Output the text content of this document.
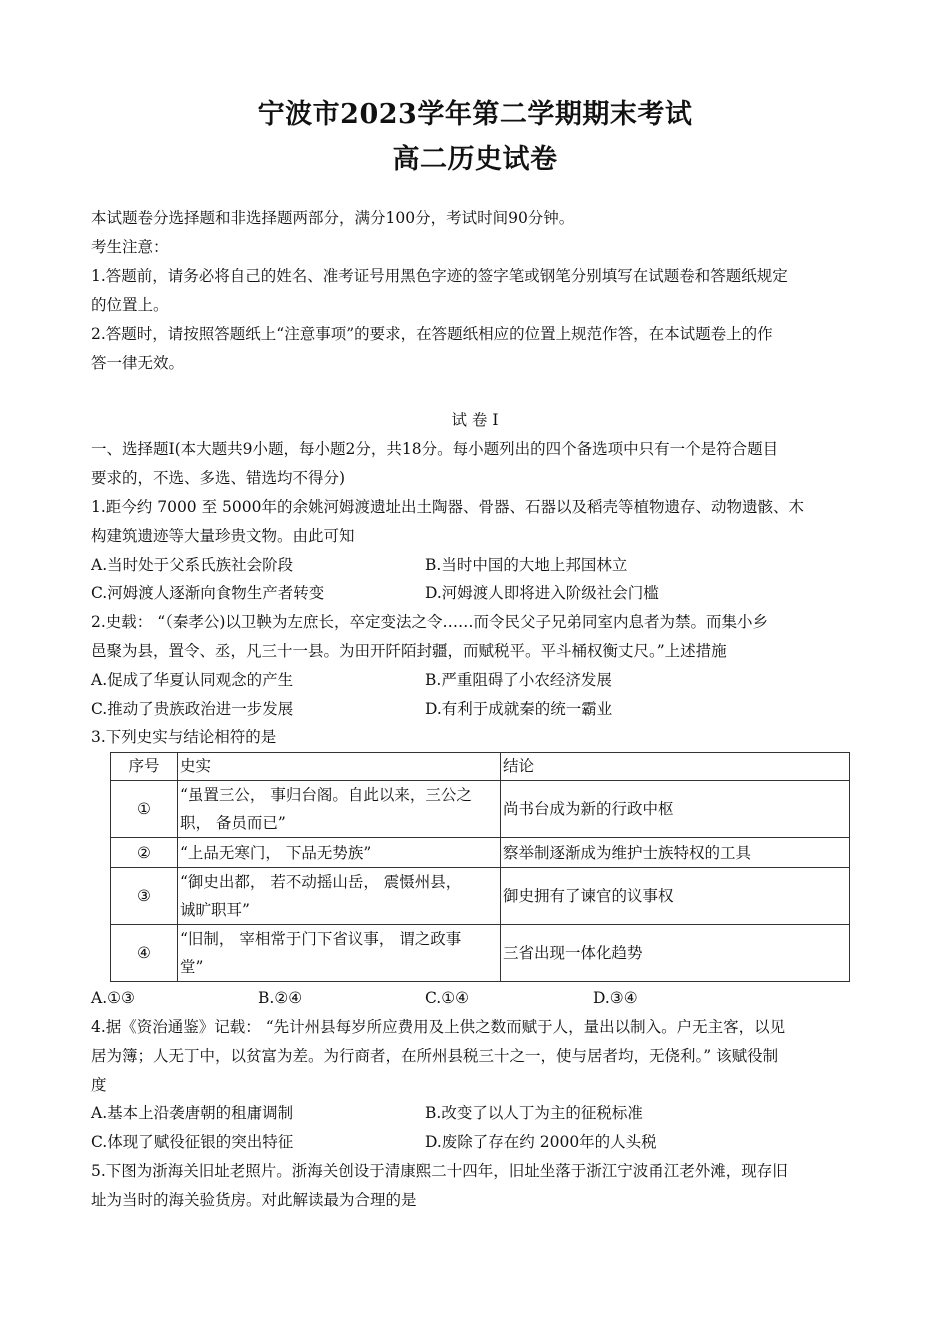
宁波市2023学年第二学期期末考试
高二历史试卷
本试题卷分选择题和非选择题两部分，满分100分，考试时间90分钟。
考生注意：
1.答题前，请务必将自己的姓名、准考证号用黑色字迹的签字笔或钢笔分别填写在试题卷和答题纸规定
的位置上。
2.答题时，请按照答题纸上“注意事项”的要求，在答题纸相应的位置上规范作答，在本试题卷上的作
答一律无效。
试 卷 I
一、选择题Ⅰ(本大题共9小题，每小题2分，共18分。每小题列出的四个备选项中只有一个是符合题目
要求的，不选、多选、错选均不得分)
1.距今约 7000 至 5000年的余姚河姆渡遗址出土陶器、骨器、石器以及稻壳等植物遗存、动物遗骸、木
构建筑遗迹等大量珍贵文物。由此可知
A.当时处于父系氏族社会阶段	B.当时中国的大地上邦国林立
C.河姆渡人逐渐向食物生产者转变	D.河姆渡人即将进入阶级社会门槛
2.史载： “（秦孝公)以卫鞅为左庶长，卒定变法之令……而令民父子兄弟同室内息者为禁。而集小乡
邑聚为县，置令、丞，凡三十一县。为田开阡陌封疆，而赋税平。平斗桶权衡丈尺。”上述措施
A.促成了华夏认同观念的产生	B.严重阻碍了小农经济发展
C.推动了贵族政治进一步发展	D.有利于成就秦的统一霸业
3.下列史实与结论相符的是
序号	史实	结论
①	“虽置三公， 事归台阁。自此以来，三公之
职， 备员而已”	尚书台成为新的行政中枢
②	“上品无寒门， 下品无势族”	察举制逐渐成为维护士族特权的工具
③	“御史出都， 若不动摇山岳， 震慑州县，
诚旷职耳”	御史拥有了谏官的议事权
④	“旧制， 宰相常于门下省议事， 谓之政事
堂”	三省出现一体化趋势
A.①③	B.②④	C.①④	D.③④
4.据《资治通鉴》记载： “先计州县每岁所应费用及上供之数而赋于人，量出以制入。户无主客，以见
居为簿；人无丁中，以贫富为差。为行商者，在所州县税三十之一，使与居者均，无侥利。” 该赋役制
度
A.基本上沿袭唐朝的租庸调制	B.改变了以人丁为主的征税标准
C.体现了赋役征银的突出特征	D.废除了存在约 2000年的人头税
5.下图为浙海关旧址老照片。浙海关创设于清康熙二十四年，旧址坐落于浙江宁波甬江老外滩，现存旧
址为当时的海关验货房。对此解读最为合理的是
